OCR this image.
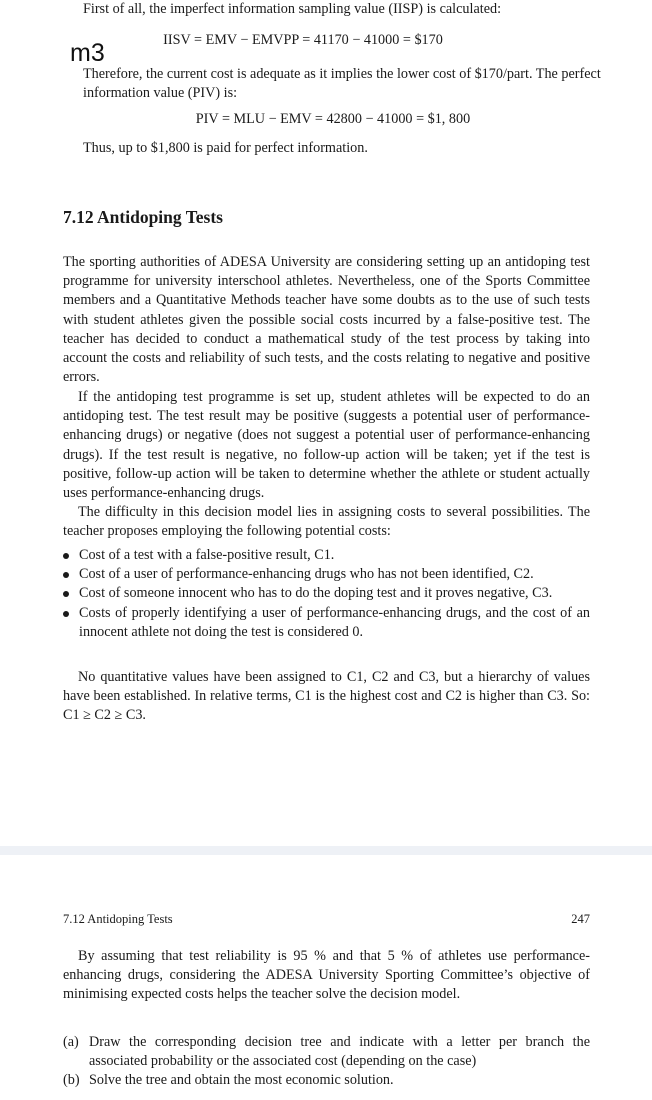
First of all, the imperfect information sampling value (IISP) is calculated:
IISV = EMV − EMVPP = 41170 − 41000 = $170
m3
Therefore, the current cost is adequate as it implies the lower cost of $170/part. The perfect information value (PIV) is:
PIV = MLU − EMV = 42800 − 41000 = $1, 800
Thus, up to $1,800 is paid for perfect information.
7.12 Antidoping Tests
The sporting authorities of ADESA University are considering setting up an antidoping test programme for university interschool athletes. Nevertheless, one of the Sports Committee members and a Quantitative Methods teacher have some doubts as to the use of such tests with student athletes given the possible social costs incurred by a false-positive test. The teacher has decided to conduct a mathematical study of the test process by taking into account the costs and reliability of such tests, and the costs relating to negative and positive errors.
If the antidoping test programme is set up, student athletes will be expected to do an antidoping test. The test result may be positive (suggests a potential user of performance-enhancing drugs) or negative (does not suggest a potential user of performance-enhancing drugs). If the test result is negative, no follow-up action will be taken; yet if the test is positive, follow-up action will be taken to determine whether the athlete or student actually uses performance-enhancing drugs.
The difficulty in this decision model lies in assigning costs to several possibilities. The teacher proposes employing the following potential costs:
Cost of a test with a false-positive result, C1.
Cost of a user of performance-enhancing drugs who has not been identified, C2.
Cost of someone innocent who has to do the doping test and it proves negative, C3.
Costs of properly identifying a user of performance-enhancing drugs, and the cost of an innocent athlete not doing the test is considered 0.
No quantitative values have been assigned to C1, C2 and C3, but a hierarchy of values have been established. In relative terms, C1 is the highest cost and C2 is higher than C3. So: C1 ≥ C2 ≥ C3.
7.12 Antidoping Tests	247
By assuming that test reliability is 95 % and that 5 % of athletes use performance-enhancing drugs, considering the ADESA University Sporting Committee’s objective of minimising expected costs helps the teacher solve the decision model.
(a) Draw the corresponding decision tree and indicate with a letter per branch the associated probability or the associated cost (depending on the case)
(b) Solve the tree and obtain the most economic solution.
